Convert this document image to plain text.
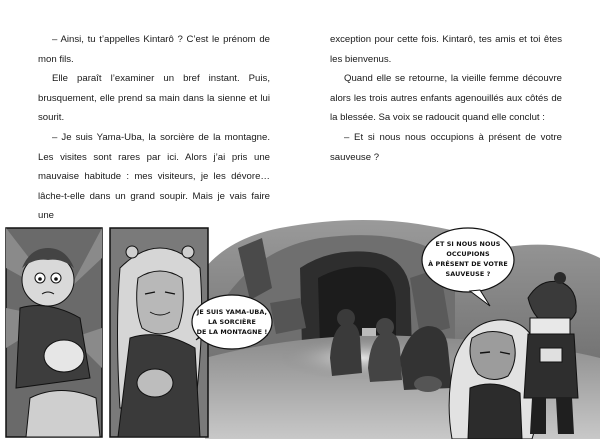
– Ainsi, tu t’appelles Kintarô ? C’est le prénom de mon fils.

Elle paraît l’examiner un bref instant. Puis, brusquement, elle prend sa main dans la sienne et lui sourit.

– Je suis Yama-Uba, la sorcière de la montagne. Les visites sont rares par ici. Alors j’ai pris une mauvaise habitude : mes visiteurs, je les dévore… lâche-t-elle dans un grand soupir. Mais je vais faire une

exception pour cette fois. Kintarô, tes amis et toi êtes les bienvenus.

Quand elle se retourne, la vieille femme découvre alors les trois autres enfants agenouillés aux côtés de la blessée. Sa voix se radoucit quand elle conclut :

– Et si nous nous occupions à présent de votre sauveuse ?

JE SUIS YAMA-UBA,
LA SORCIÈRE
DE LA MONTAGNE !
ET SI NOUS NOUS
OCCUPIONS
À PRÉSENT DE VOTRE
SAUVEUSE ?
